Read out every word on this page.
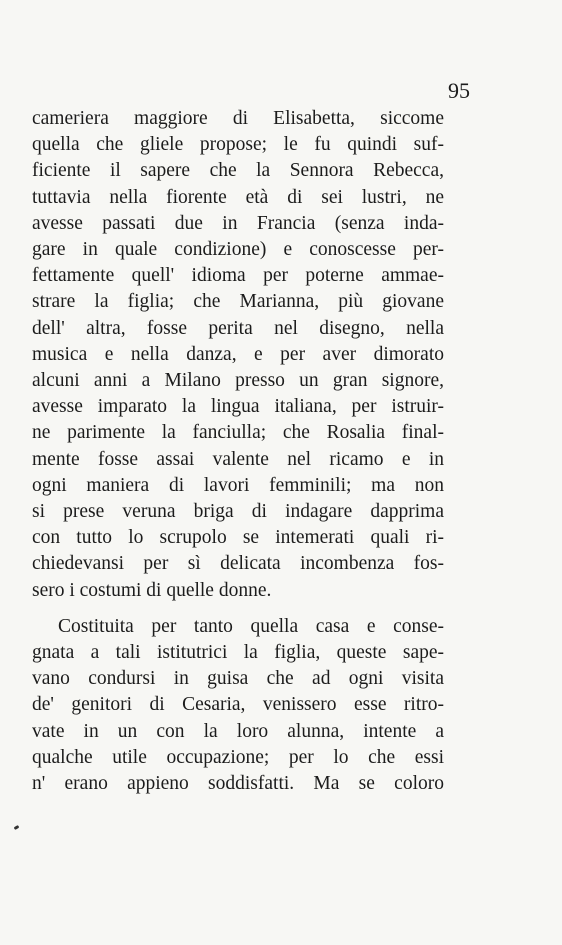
95
cameriera maggiore di Elisabetta, siccome
quella che gliele propose; le fu quindi suf-
ficiente il sapere che la Sennora Rebecca,
tuttavia nella fiorente età di sei lustri, ne
avesse passati due in Francia (senza inda-
gare in quale condizione) e conoscesse per-
fettamente quell' idioma per poterne ammae-
strare la figlia; che Marianna, più giovane
dell' altra, fosse perita nel disegno, nella
musica e nella danza, e per aver dimorato
alcuni anni a Milano presso un gran signore,
avesse imparato la lingua italiana, per istruir-
ne parimente la fanciulla; che Rosalia final-
mente fosse assai valente nel ricamo e in
ogni maniera di lavori femminili; ma non
si prese veruna briga di indagare dapprima
con tutto lo scrupolo se intemerati quali ri-
chiedevansi per sì delicata incombenza fos-
sero i costumi di quelle donne.
Costituita per tanto quella casa e conse-
gnata a tali istitutrici la figlia, queste sape-
vano condursi in guisa che ad ogni visita
de' genitori di Cesaria, venissero esse ritro-
vate in un con la loro alunna, intente a
qualche utile occupazione; per lo che essi
n' erano appieno soddisfatti. Ma se coloro
